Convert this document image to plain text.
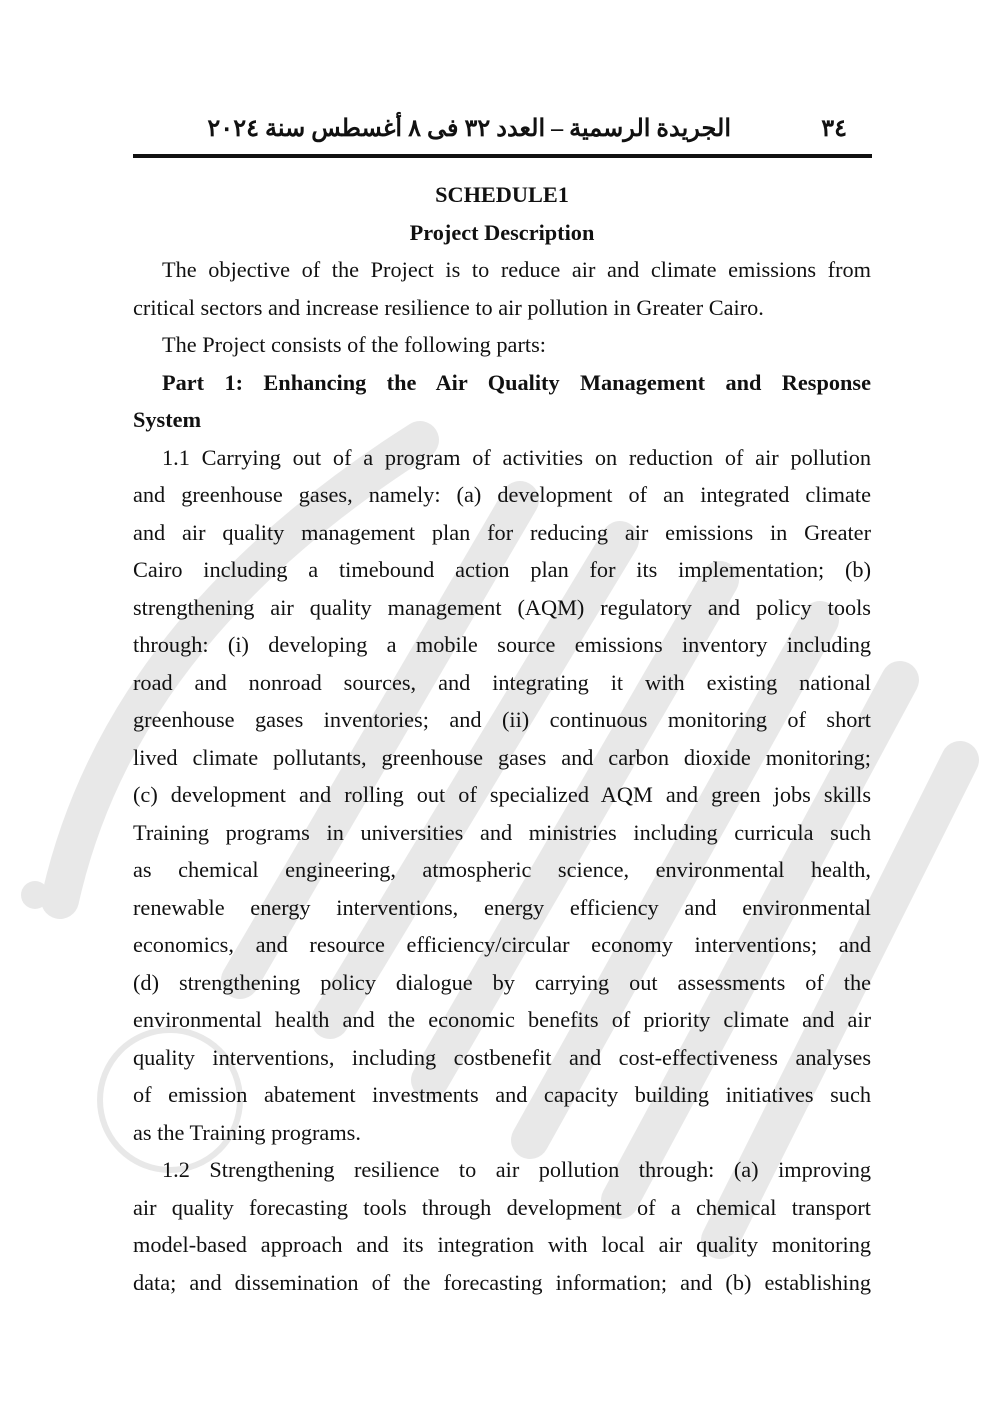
٣٤
الجريدة الرسمية – العدد ٣٢ فى ٨ أغسطس سنة ٢٠٢٤
SCHEDULE1
Project Description
The objective of the Project is to reduce air and climate emissions from
critical sectors and increase resilience to air pollution in Greater Cairo.
The Project consists of the following parts:
Part 1: Enhancing the Air Quality Management and Response
System
1.1 Carrying out of a program of activities on reduction of air pollution
and greenhouse gases, namely: (a) development of an integrated climate
and air quality management plan for reducing air emissions in Greater
Cairo including a timebound action plan for its implementation; (b)
strengthening air quality management (AQM) regulatory and policy tools
through: (i) developing a mobile source emissions inventory including
road and nonroad sources, and integrating it with existing national
greenhouse gases inventories; and (ii) continuous monitoring of short
lived climate pollutants, greenhouse gases and carbon dioxide monitoring;
(c) development and rolling out of specialized AQM and green jobs skills
Training programs in universities and ministries including curricula such
as chemical engineering, atmospheric science, environmental health,
renewable energy interventions, energy efficiency and environmental
economics, and resource efficiency/circular economy interventions; and
(d) strengthening policy dialogue by carrying out assessments of the
environmental health and the economic benefits of priority climate and air
quality interventions, including costbenefit and cost-effectiveness analyses
of emission abatement investments and capacity building initiatives such
as the Training programs.
1.2 Strengthening resilience to air pollution through: (a) improving
air quality forecasting tools through development of a chemical transport
model-based approach and its integration with local air quality monitoring
data; and dissemination of the forecasting information; and (b) establishing
